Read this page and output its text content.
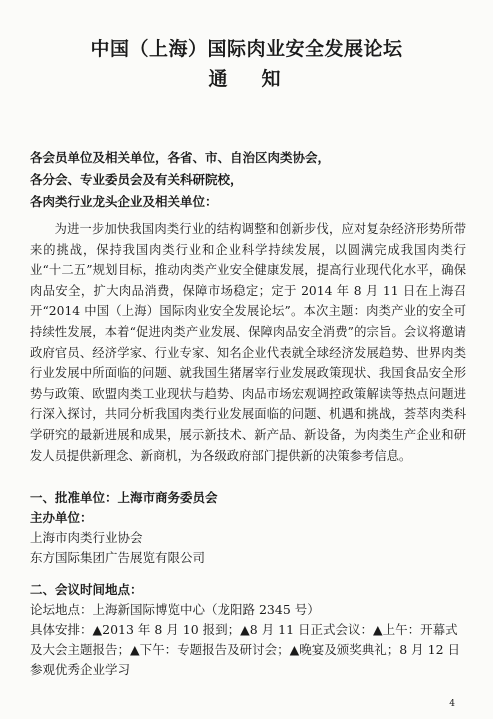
中国（上海）国际肉业安全发展论坛
通知
各会员单位及相关单位，各省、市、自治区肉类协会，
各分会、专业委员会及有关科研院校，
各肉类行业龙头企业及相关单位：
为进一步加快我国肉类行业的结构调整和创新步伐，应对复杂经济形势所带来的挑战，保持我国肉类行业和企业科学持续发展，以圆满完成我国肉类行业“十二五”规划目标，推动肉类产业安全健康发展，提高行业现代化水平，确保肉品安全，扩大肉品消费，保障市场稳定；定于 2014 年 8 月 11 日在上海召开“2014 中国（上海）国际肉业安全发展论坛”。本次主题：肉类产业的安全可持续性发展，本着“促进肉类产业发展、保障肉品安全消费”的宗旨。会议将邀请政府官员、经济学家、行业专家、知名企业代表就全球经济发展趋势、世界肉类行业发展中所面临的问题、就我国生猪屠宰行业发展政策现状、我国食品安全形势与政策、欧盟肉类工业现状与趋势、肉品市场宏观调控政策解读等热点问题进行深入探讨，共同分析我国肉类行业发展面临的问题、机遇和挑战，荟萃肉类科学研究的最新进展和成果，展示新技术、新产品、新设备，为肉类生产企业和研发人员提供新理念、新商机，为各级政府部门提供新的决策参考信息。
一、批准单位：上海市商务委员会
主办单位：
上海市肉类行业协会
东方国际集团广告展览有限公司
二、会议时间地点：
论坛地点：上海新国际博览中心（龙阳路 2345 号）
具体安排：▲2013 年 8 月 10 报到；▲8 月 11 日正式会议：▲上午：开幕式及大会主题报告；▲下午：专题报告及研讨会；▲晚宴及颁奖典礼；8 月 12 日参观优秀企业学习
4
